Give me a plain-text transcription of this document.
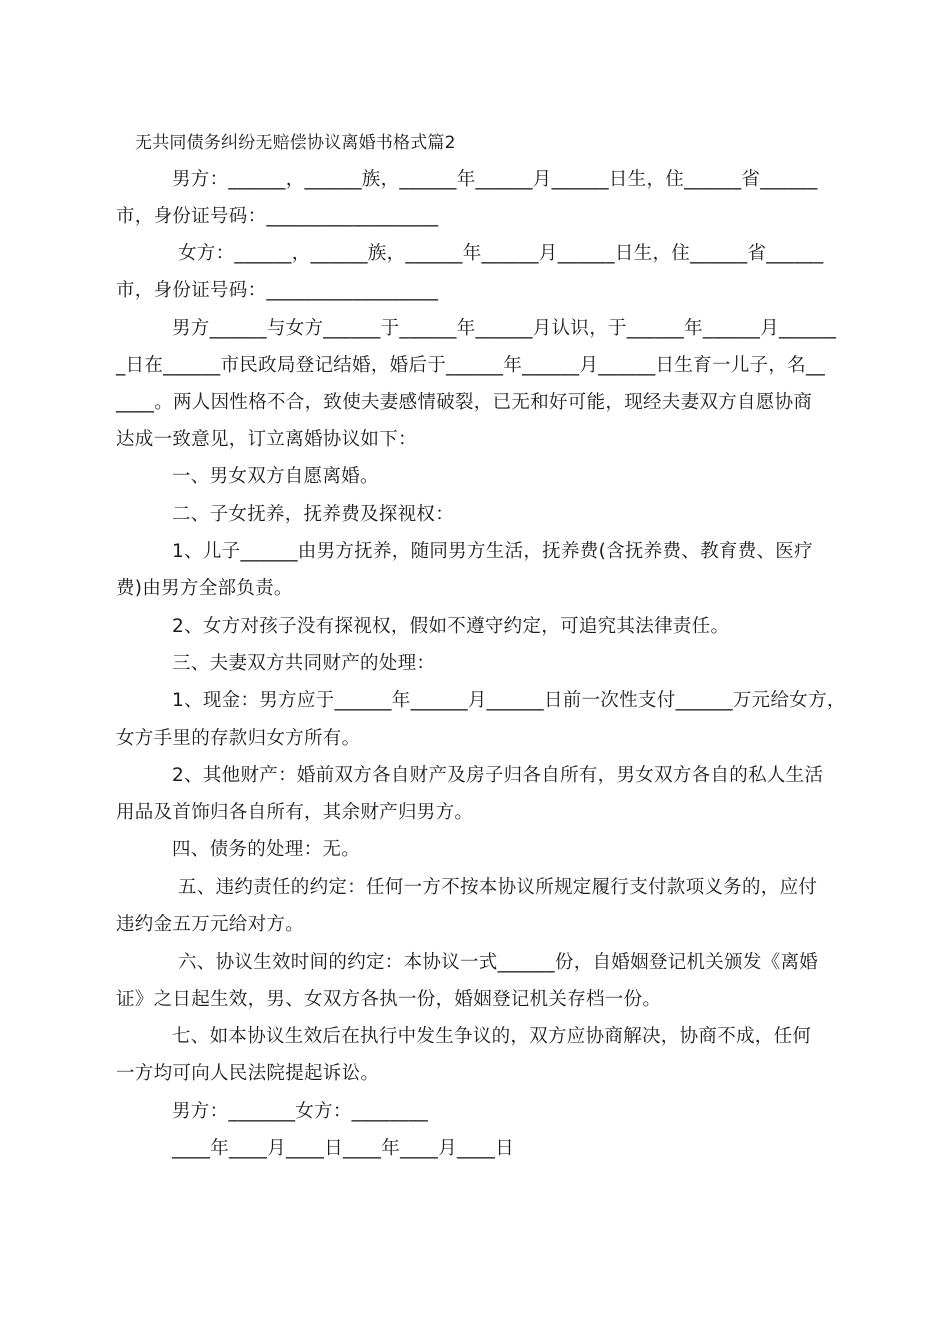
无共同债务纠纷无赔偿协议离婚书格式篇2
男方：______，______族，______年______月______日生，住______省______
市，身份证号码：__________________
女方：______，______族，______年______月______日生，住______省______
市，身份证号码：__________________
男方______与女方______于______年______月认识，于______年______月______
_日在______市民政局登记结婚，婚后于______年______月______日生育一儿子，名__
____。两人因性格不合，致使夫妻感情破裂，已无和好可能，现经夫妻双方自愿协商
达成一致意见，订立离婚协议如下：
一、男女双方自愿离婚。
二、子女抚养，抚养费及探视权：
1、儿子______由男方抚养，随同男方生活，抚养费(含抚养费、教育费、医疗
费)由男方全部负责。
2、女方对孩子没有探视权，假如不遵守约定，可追究其法律责任。
三、夫妻双方共同财产的处理：
1、现金：男方应于______年______月______日前一次性支付______万元给女方，
女方手里的存款归女方所有。
2、其他财产：婚前双方各自财产及房子归各自所有，男女双方各自的私人生活
用品及首饰归各自所有，其余财产归男方。
四、债务的处理：无。
五、违约责任的约定：任何一方不按本协议所规定履行支付款项义务的，应付
违约金五万元给对方。
六、协议生效时间的约定：本协议一式______份，自婚姻登记机关颁发《离婚
证》之日起生效，男、女双方各执一份，婚姻登记机关存档一份。
七、如本协议生效后在执行中发生争议的，双方应协商解决，协商不成，任何
一方均可向人民法院提起诉讼。
男方：_______女方：________
____年____月____日____年____月____日
